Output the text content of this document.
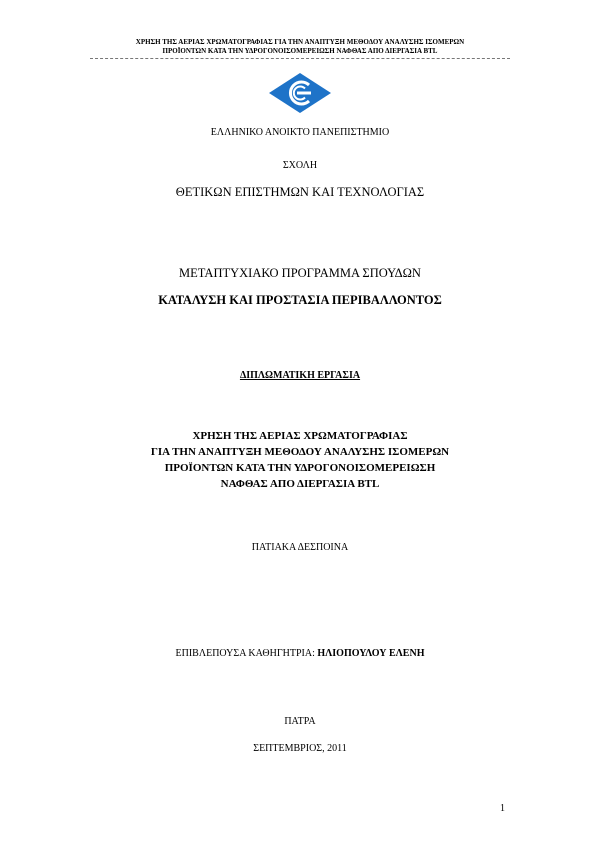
ΧΡΗΣΗ ΤΗΣ ΑΕΡΙΑΣ ΧΡΩΜΑΤΟΓΡΑΦΙΑΣ ΓΙΑ ΤΗΝ ΑΝΑΠΤΥΞΗ ΜΕΘΟΔΟΥ ΑΝΑΛΥΣΗΣ ΙΣΟΜΕΡΩΝ
ΠΡΟΪΟΝΤΩΝ ΚΑΤΑ ΤΗΝ ΥΔΡΟΓΟΝΟΙΣΟΜΕΡΕΙΩΣΗ ΝΑΦΘΑΣ ΑΠΟ ΔΙΕΡΓΑΣΙΑ BTL
ΕΛΛΗΝΙΚΟ ΑΝΟΙΚΤΟ ΠΑΝΕΠΙΣΤΗΜΙΟ
ΣΧΟΛΗ
ΘΕΤΙΚΩΝ ΕΠΙΣΤΗΜΩΝ ΚΑΙ ΤΕΧΝΟΛΟΓΙΑΣ
ΜΕΤΑΠΤΥΧΙΑΚΟ ΠΡΟΓΡΑΜΜΑ ΣΠΟΥΔΩΝ
ΚΑΤΑΛΥΣΗ ΚΑΙ ΠΡΟΣΤΑΣΙΑ ΠΕΡΙΒΑΛΛΟΝΤΟΣ
ΔΙΠΛΩΜΑΤΙΚΗ ΕΡΓΑΣΙΑ
ΧΡΗΣΗ ΤΗΣ ΑΕΡΙΑΣ ΧΡΩΜΑΤΟΓΡΑΦΙΑΣ
ΓΙΑ ΤΗΝ ΑΝΑΠΤΥΞΗ ΜΕΘΟΔΟΥ ΑΝΑΛΥΣΗΣ ΙΣΟΜΕΡΩΝ
ΠΡΟΪΟΝΤΩΝ ΚΑΤΑ ΤΗΝ ΥΔΡΟΓΟΝΟΙΣΟΜΕΡΕΙΩΣΗ
ΝΑΦΘΑΣ ΑΠΟ ΔΙΕΡΓΑΣΙΑ BTL
ΠΑΤΙΑΚΑ ΔΕΣΠΟΙΝΑ
ΕΠΙΒΛΕΠΟΥΣΑ ΚΑΘΗΓΗΤΡΙΑ: ΗΛΙΟΠΟΥΛΟΥ ΕΛΕΝΗ
ΠΑΤΡΑ
ΣΕΠΤΕΜΒΡΙΟΣ, 2011
1
